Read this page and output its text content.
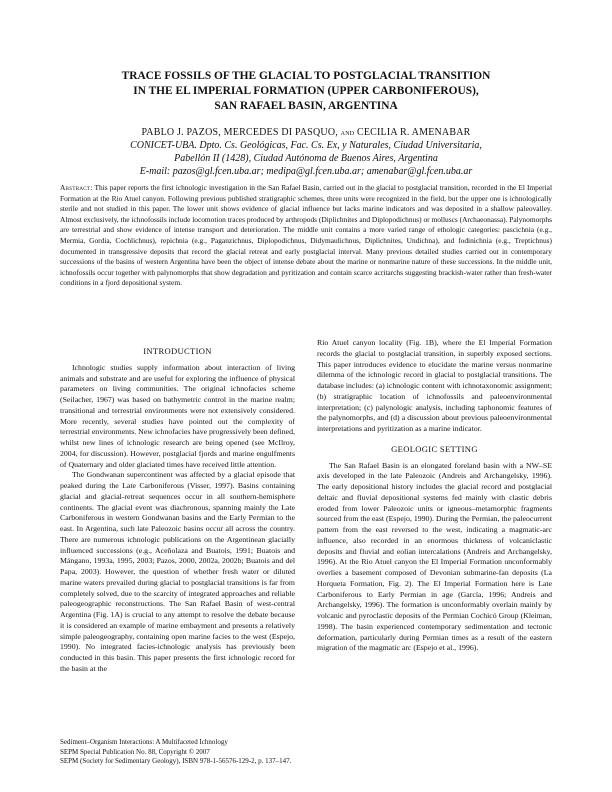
TRACE FOSSILS OF THE GLACIAL TO POSTGLACIAL TRANSITION
IN THE EL IMPERIAL FORMATION (UPPER CARBONIFEROUS),
SAN RAFAEL BASIN, ARGENTINA
PABLO J. PAZOS, MERCEDES DI PASQUO, and CECILIA R. AMENABAR
CONICET-UBA. Dpto. Cs. Geológicas, Fac. Cs. Ex, y Naturales, Ciudad Universitaria,
Pabellón II (1428), Ciudad Autónoma de Buenos Aires, Argentina
E-mail: pazos@gl.fcen.uba.ar; medipa@gl.fcen.uba.ar; amenabar@gl.fcen.uba.ar
Abstract: This paper reports the first ichnologic investigation in the San Rafael Basin, carried out in the glacial to postglacial transition, recorded in the El Imperial Formation at the Rio Atuel canyon. Following previous published stratigraphic schemes, three units were recognized in the field, but the upper one is ichnologically sterile and not studied in this paper. The lower unit shows evidence of glacial influence but lacks marine indicators and was deposited in a shallow paleovalley. Almost exclusively, the ichnofossils include locomotion traces produced by arthropods (Diplichnites and Diplopodichnus) or molluscs (Archaeonassa). Palynomorphs are terrestrial and show evidence of intense transport and deterioration. The middle unit contains a more varied range of ethologic categories: pascichnia (e.g., Mermia, Gordia, Cochlichnus), repichnia (e.g., Paganzichnus, Diplopodichnus, Didymaulichnus, Diplichnites, Undichna), and fodinichnia (e.g., Treptichnus) documented in transgressive deposits that record the glacial retreat and early postglacial interval. Many previous detailed studies carried out in contemporary successions of the basins of western Argentina have been the object of intense debate about the marine or nonmarine nature of these successions. In the middle unit, ichnofossils occur together with palynomorphs that show degradation and pyritization and contain scarce acritarchs suggesting brackish-water rather than fresh-water conditions in a fjord depositional system.
INTRODUCTION

Ichnologic studies supply information about interaction of living animals and substrate and are useful for exploring the influence of physical parameters on living communities. The original ichnofacies scheme (Seilacher, 1967) was based on bathymetric control in the marine realm; transitional and terrestrial environments were not extensively considered. More recently, several studies have pointed out the complexity of terrestrial environments. New ichnofacies have progressively been defined, whilst new lines of ichnologic research are being opened (see McIlroy, 2004, for discussion). However, postglacial fjords and marine engulfments of Quaternary and older glaciated times have received little attention.

The Gondwanan supercontinent was affected by a glacial episode that peaked during the Late Carboniferous (Visser, 1997). Basins containing glacial and glacial-retreat sequences occur in all southern-hemisphere continents. The glacial event was diachronous, spanning mainly the Late Carboniferous in western Gondwanan basins and the Early Permian to the east. In Argentina, such late Paleozoic basins occur all across the country. There are numerous ichnologic publications on the Argentinean glacially influenced successions (e.g., Aceñolaza and Buatois, 1991; Buatois and Mángano, 1993a, 1995, 2003; Pazos, 2000, 2002a, 2002b; Buatois and del Papa, 2003). However, the question of whether fresh water or diluted marine waters prevailed during glacial to postglacial transitions is far from completely solved, due to the scarcity of integrated approaches and reliable paleogeographic reconstructions. The San Rafael Basin of west-central Argentina (Fig. 1A) is crucial to any attempt to resolve the debate because it is considered an example of marine embayment and presents a relatively simple paleogeography, containing open marine facies to the west (Espejo, 1990). No integrated facies-ichnologic analysis has previously been conducted in this basin. This paper presents the first ichnologic record for the basin at the

Rio Atuel canyon locality (Fig. 1B), where the El Imperial Formation records the glacial to postglacial transition, in superbly exposed sections. This paper introduces evidence to elucidate the marine versus nonmarine dilemma of the ichnologic record in glacial to postglacial transitions. The database includes: (a) ichnologic content with ichnotaxonomic assignment; (b) stratigraphic location of ichnofossils and paleoenvironmental interpretation; (c) palynologic analysis, including taphonomic features of the palynomorphs, and (d) a discussion about previous paleoenvironmental interpretations and pyritization as a marine indicator.

GEOLOGIC SETTING

The San Rafael Basin is an elongated foreland basin with a NW–SE axis developed in the late Paleozoic (Andreis and Archangelsky, 1996). The early depositional history includes the glacial record and postglacial deltaic and fluvial depositional systems fed mainly with clastic debris eroded from lower Paleozoic units or igneous–metamorphic fragments sourced from the east (Espejo, 1990). During the Permian, the paleocurrent pattern from the east reversed to the west, indicating a magmatic-arc influence, also recorded in an enormous thickness of volcaniclastic deposits and fluvial and eolian intercalations (Andreis and Archangelsky, 1996). At the Rio Atuel canyon the El Imperial Formation unconformably overlies a basement composed of Devonian submarine-fan deposits (La Horqueta Formation, Fig. 2). The El Imperial Formation here is Late Carboniferous to Early Permian in age (García, 1996; Andreis and Archangelsky, 1996). The formation is unconformably overlain mainly by volcanic and pyroclastic deposits of the Permian Cochicó Group (Kleiman, 1998). The basin experienced contemporary sedimentation and tectonic deformation, particularly during Permian times as a result of the eastern migration of the magmatic arc (Espejo et al., 1996).

Sediment–Organism Interactions: A Multifaceted Ichnology
SEPM Special Publication No. 88, Copyright © 2007
SEPM (Society for Sedimentary Geology), ISBN 978-1-56576-129-2, p. 137–147.
